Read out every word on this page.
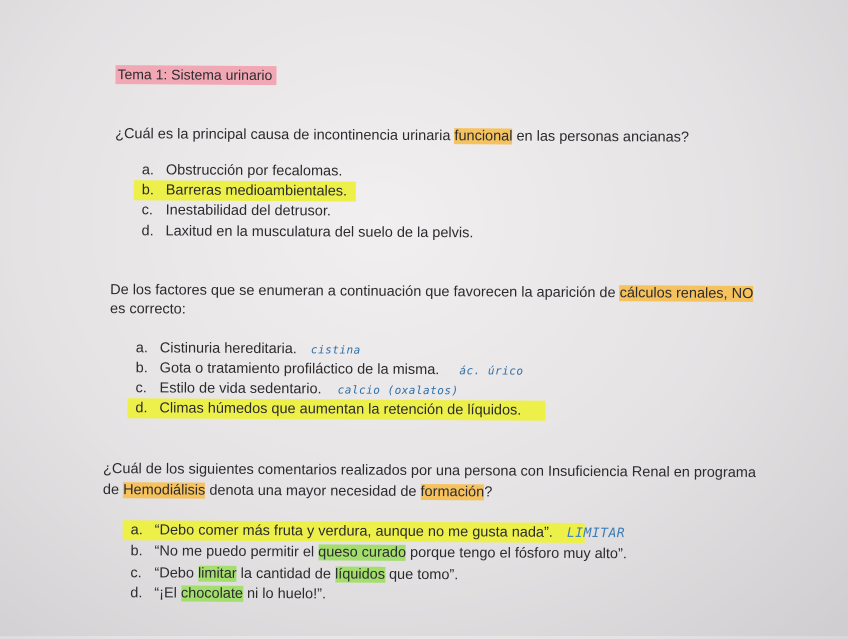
Tema 1: Sistema urinario
¿Cuál es la principal causa de incontinencia urinaria funcional en las personas ancianas?
a. Obstrucción por fecalomas.
b. Barreras medioambientales.
c. Inestabilidad del detrusor.
d. Laxitud en la musculatura del suelo de la pelvis.
De los factores que se enumeran a continuación que favorecen la aparición de cálculos renales, NO
es correcto:
a. Cistinuria hereditaria. cistina
b. Gota o tratamiento profiláctico de la misma. ác. úrico
c. Estilo de vida sedentario. calcio (oxalatos)
d. Climas húmedos que aumentan la retención de líquidos.
¿Cuál de los siguientes comentarios realizados por una persona con Insuficiencia Renal en programa
de Hemodiálisis denota una mayor necesidad de formación?
a. “Debo comer más fruta y verdura, aunque no me gusta nada”. LIMITAR
b. “No me puedo permitir el queso curado porque tengo el fósforo muy alto”.
c. “Debo limitar la cantidad de líquidos que tomo”.
d. “¡El chocolate ni lo huelo!”.
